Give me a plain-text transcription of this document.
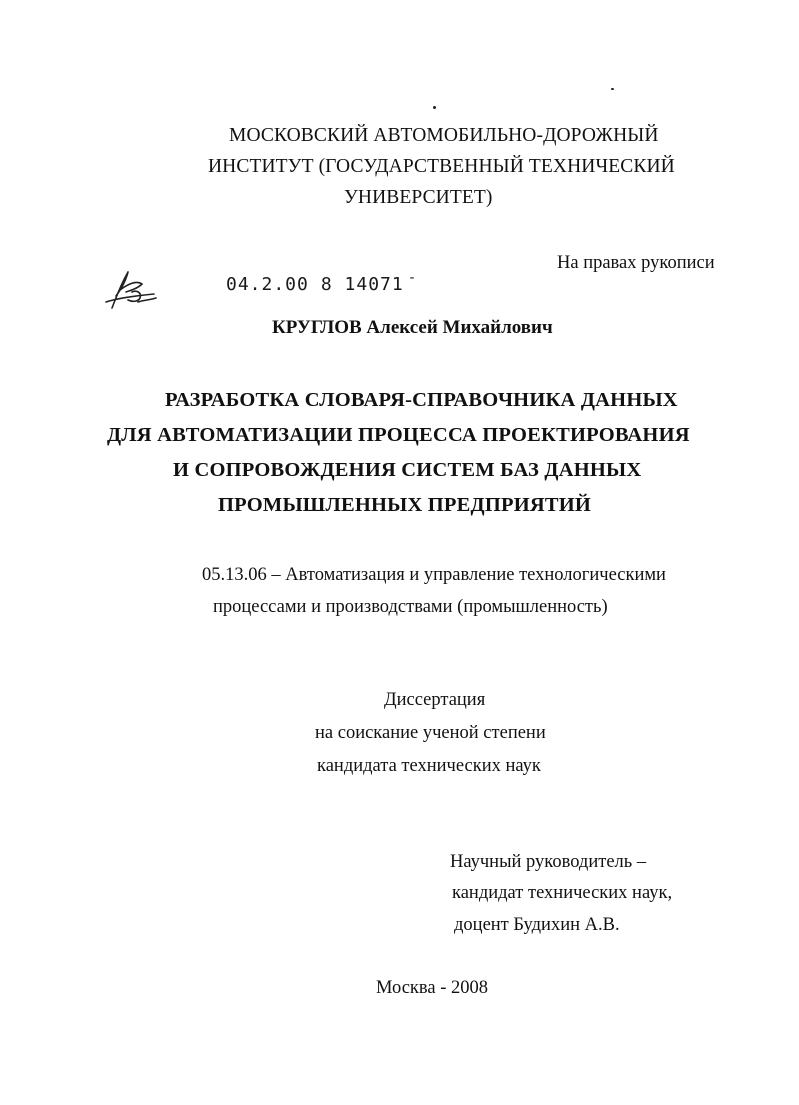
МОСКОВСКИЙ АВТОМОБИЛЬНО-ДОРОЖНЫЙ
ИНСТИТУТ (ГОСУДАРСТВЕННЫЙ ТЕХНИЧЕСКИЙ
УНИВЕРСИТЕТ)
На правах рукописи
04.2.00 8 14071 -
КРУГЛОВ Алексей Михайлович
РАЗРАБОТКА СЛОВАРЯ-СПРАВОЧНИКА ДАННЫХ
ДЛЯ АВТОМАТИЗАЦИИ ПРОЦЕССА ПРОЕКТИРОВАНИЯ
И СОПРОВОЖДЕНИЯ СИСТЕМ БАЗ ДАННЫХ
ПРОМЫШЛЕННЫХ ПРЕДПРИЯТИЙ
05.13.06 – Автоматизация и управление технологическими
процессами и производствами (промышленность)
Диссертация
на соискание ученой степени
кандидата технических наук
Научный руководитель –
кандидат технических наук,
доцент Будихин А.В.
Москва - 2008
